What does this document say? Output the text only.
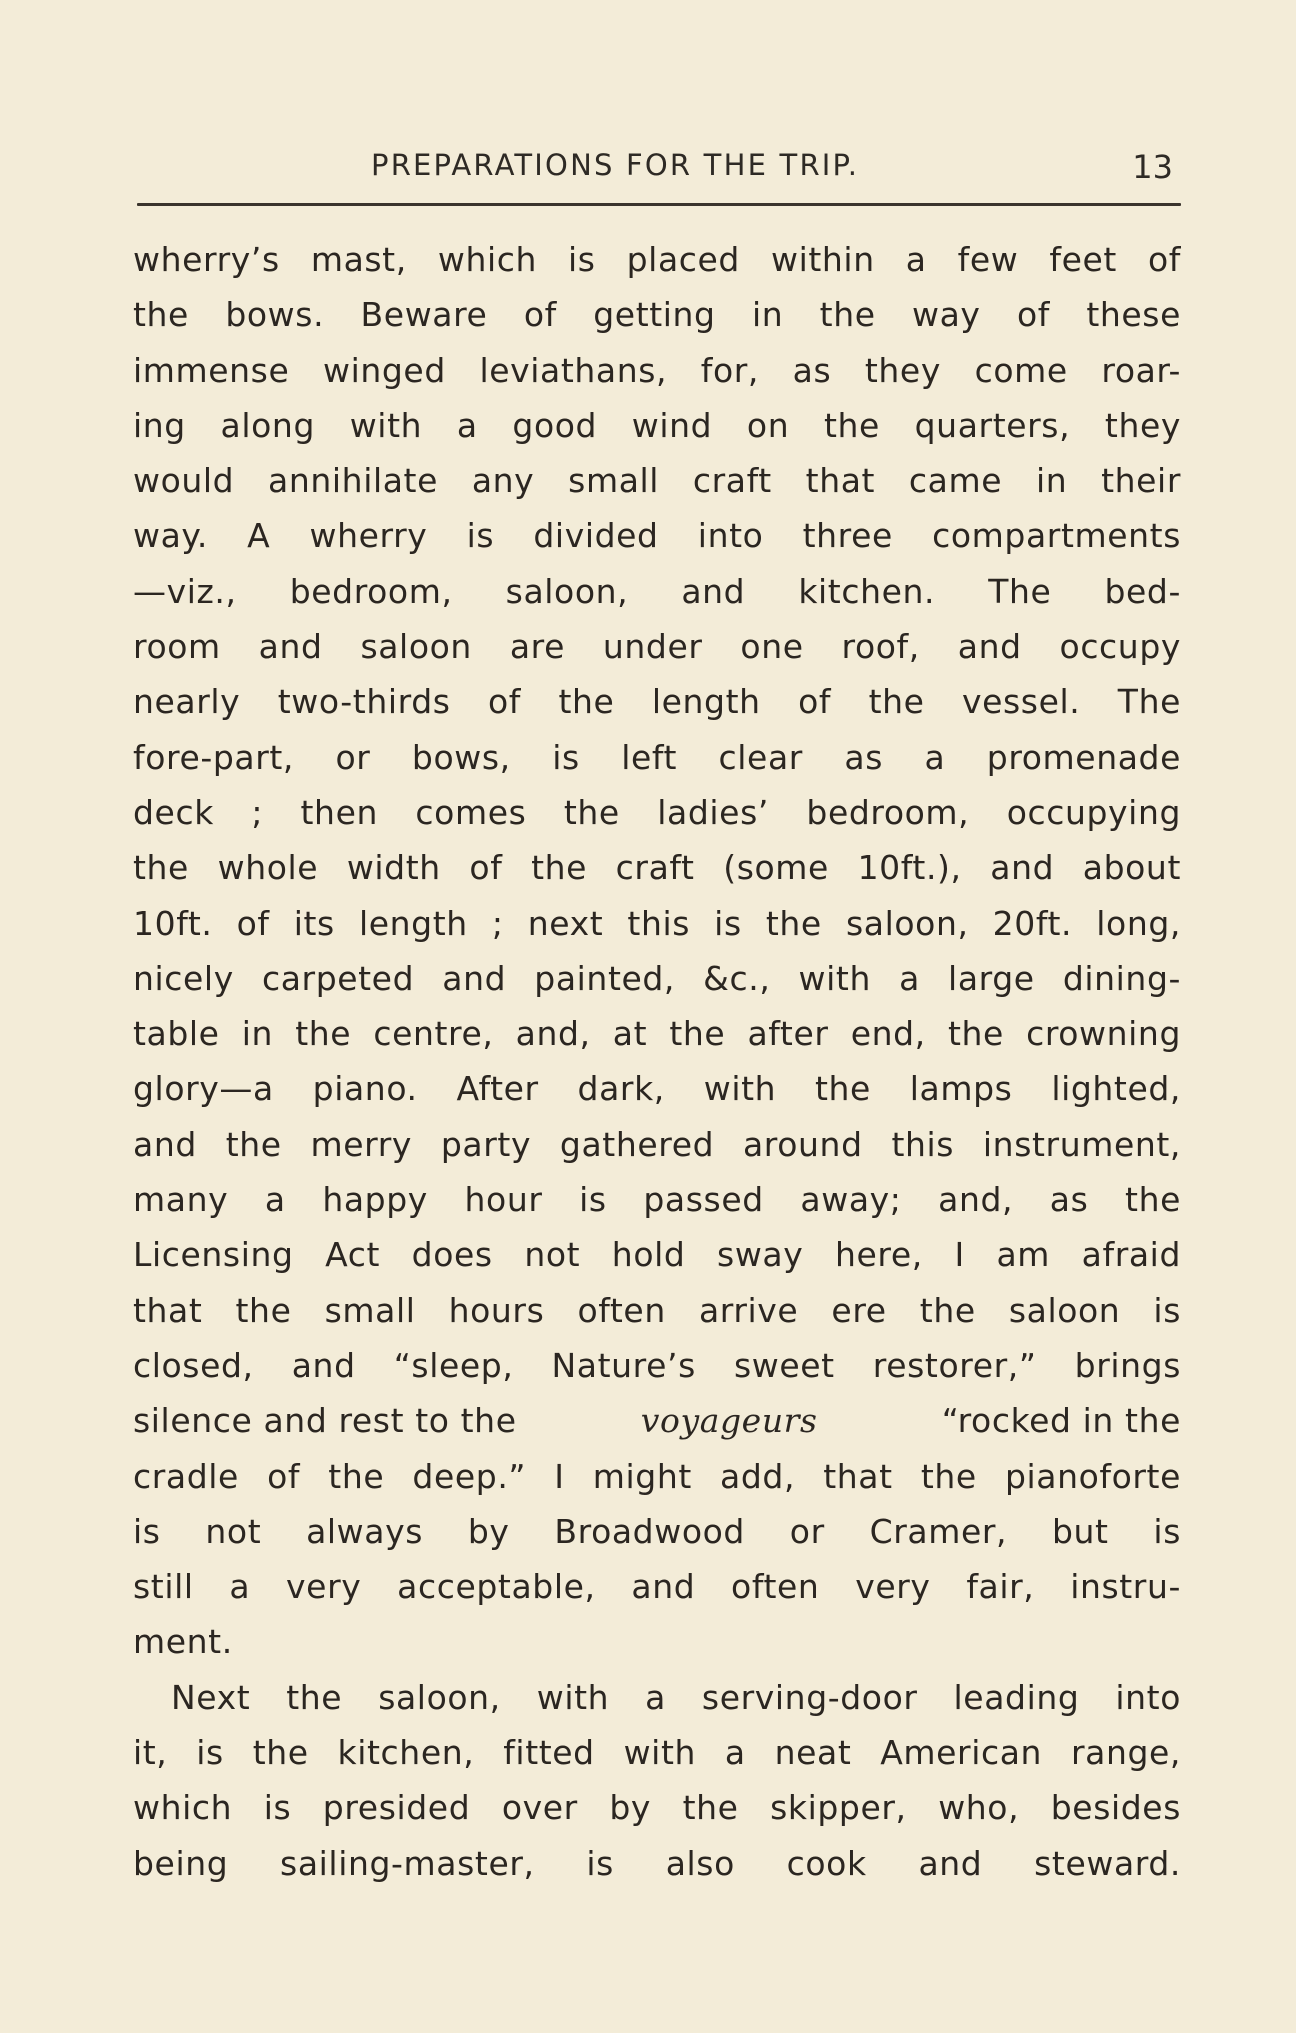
PREPARATIONS FOR THE TRIP.	13
wherry’s mast, which is placed within a few feet of
the bows. Beware of getting in the way of these
immense winged leviathans, for, as they come roar-
ing along with a good wind on the quarters, they
would annihilate any small craft that came in their
way. A wherry is divided into three compartments
—viz., bedroom, saloon, and kitchen. The bed-
room and saloon are under one roof, and occupy
nearly two-thirds of the length of the vessel. The
fore-part, or bows, is left clear as a promenade
deck ; then comes the ladies’ bedroom, occupying
the whole width of the craft (some 10ft.), and about
10ft. of its length ; next this is the saloon, 20ft. long,
nicely carpeted and painted, &c., with a large dining-
table in the centre, and, at the after end, the crowning
glory—a piano. After dark, with the lamps lighted,
and the merry party gathered around this instrument,
many a happy hour is passed away; and, as the
Licensing Act does not hold sway here, I am afraid
that the small hours often arrive ere the saloon is
closed, and “sleep, Nature’s sweet restorer,” brings
silence and rest to the	voyageurs	“rocked in the
cradle of the deep.” I might add, that the pianoforte
is not always by Broadwood or Cramer, but is
still a very acceptable, and often very fair, instru-
ment.
Next the saloon, with a serving-door leading into
it, is the kitchen, fitted with a neat American range,
which is presided over by the skipper, who, besides
being sailing-master, is also cook and steward.
